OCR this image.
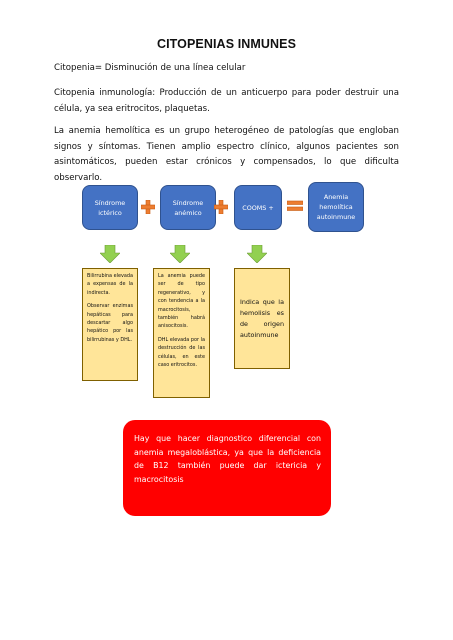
CITOPENIAS INMUNES
Citopenia= Disminución de una línea celular
Citopenia inmunología: Producción de un anticuerpo para poder destruir una célula, ya sea eritrocitos, plaquetas.
La anemia hemolítica es un grupo heterogéneo de patologías que engloban signos y síntomas. Tienen amplio espectro clínico, algunos pacientes son asintomáticos, pueden estar crónicos y compensados, lo que dificulta observarlo.
Síndrome ictérico
Síndrome anémico
COOMS +
Anemia hemolítica autoinmune

Bilirrubina elevada a expensas de la indirecta.

Observar enzimas hepáticas para descartar algo hepático por las bilirrubinas y DHL.

La anemia puede ser de tipo regenerativo, y con tendencia a la macrocitosis, también habrá anisocitosis.

DHL elevada por la destrucción de las células, en este caso eritrocitos.

Indica que la hemolisis es de origen autoinmune
Hay que hacer diagnostico diferencial con anemia megaloblástica, ya que la deficiencia de B12 también puede dar ictericia y macrocitosis
